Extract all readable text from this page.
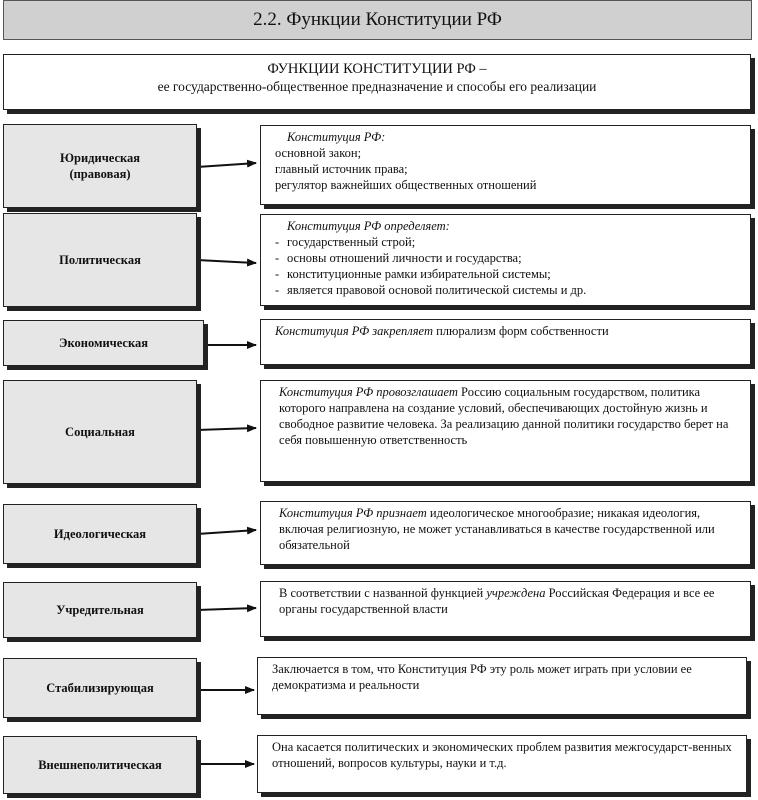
2.2. Функции Конституции РФ
ФУНКЦИИ КОНСТИТУЦИИ РФ –
ее государственно-общественное предназначение и способы его реализации
Юридическая (правовая)
Конституция РФ:
основной закон;
главный источник права;
регулятор важнейших общественных отношений
Политическая
Конституция РФ определяет:
- государственный строй;
- основы отношений личности и государства;
- конституционные рамки избирательной системы;
- является правовой основой политической системы и др.
Экономическая

Конституция РФ закрепляет плюрализм форм собственности

Социальная

Конституция РФ провозглашает Россию социальным государством, политика которого направлена на создание условий, обеспечивающих достойную жизнь и свободное развитие человека. За реализацию данной политики государство берет на себя повышенную ответственность

Идеологическая

Конституция РФ признает идеологическое многообразие; никакая идеология, включая религиозную, не может устанавливаться в качестве государственной или обязательной

Учредительная

В соответствии с названной функцией учреждена Российская Федерация и все ее органы государственной власти

Стабилизирующая

Заключается в том, что Конституция РФ эту роль может играть при условии ее демократизма и реальности

Внешнеполитическая

Она касается политических и экономических проблем развития межгосударст-венных отношений, вопросов культуры, науки и т.д.
